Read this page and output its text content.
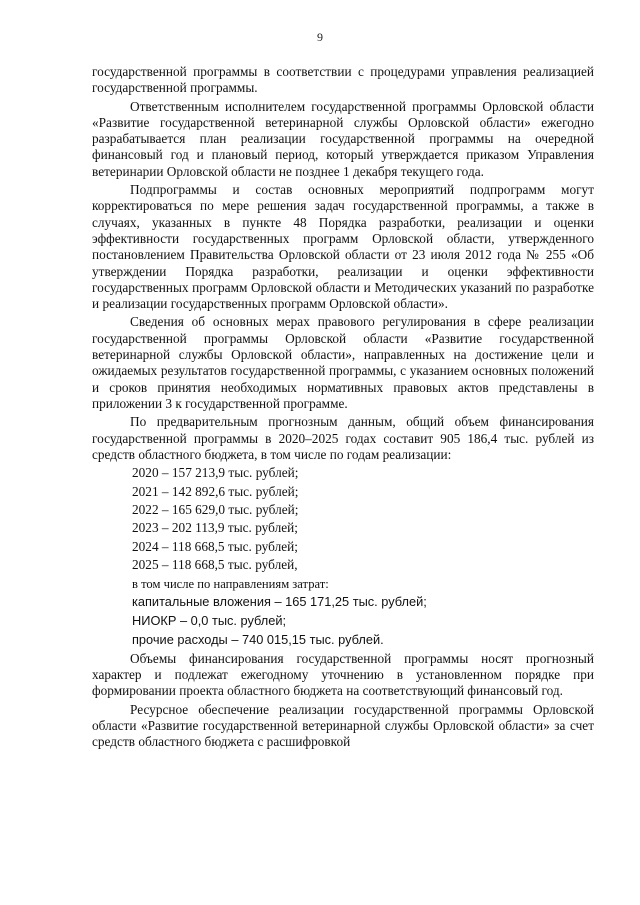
9

государственной программы в соответствии с процедурами управления реализацией государственной программы.

Ответственным исполнителем государственной программы Орловской области «Развитие государственной ветеринарной службы Орловской области» ежегодно разрабатывается план реализации государственной программы на очередной финансовый год и плановый период, который утверждается приказом Управления ветеринарии Орловской области не позднее 1 декабря текущего года.

Подпрограммы и состав основных мероприятий подпрограмм могут корректироваться по мере решения задач государственной программы, а также в случаях, указанных в пункте 48 Порядка разработки, реализации и оценки эффективности государственных программ Орловской области, утвержденного постановлением Правительства Орловской области от 23 июля 2012 года № 255 «Об утверждении Порядка разработки, реализации и оценки эффективности государственных программ Орловской области и Методических указаний по разработке и реализации государственных программ Орловской области».

Сведения об основных мерах правового регулирования в сфере реализации государственной программы Орловской области «Развитие государственной ветеринарной службы Орловской области», направленных на достижение цели и ожидаемых результатов государственной программы, с указанием основных положений и сроков принятия необходимых нормативных правовых актов представлены в приложении 3 к государственной программе.

По предварительным прогнозным данным, общий объем финансирования государственной программы в 2020–2025 годах составит 905 186,4 тыс. рублей из средств областного бюджета, в том числе по годам реализации:

2020 – 157 213,9 тыс. рублей;
2021 – 142 892,6 тыс. рублей;
2022 – 165 629,0 тыс. рублей;
2023 – 202 113,9 тыс. рублей;
2024 – 118 668,5 тыс. рублей;
2025 – 118 668,5 тыс. рублей,

в том числе по направлениям затрат:

капитальные вложения – 165 171,25 тыс. рублей;
НИОКР – 0,0 тыс. рублей;
прочие расходы – 740 015,15 тыс. рублей.

Объемы финансирования государственной программы носят прогнозный характер и подлежат ежегодному уточнению в установленном порядке при формировании проекта областного бюджета на соответствующий финансовый год.

Ресурсное обеспечение реализации государственной программы Орловской области «Развитие государственной ветеринарной службы Орловской области» за счет средств областного бюджета с расшифровкой
